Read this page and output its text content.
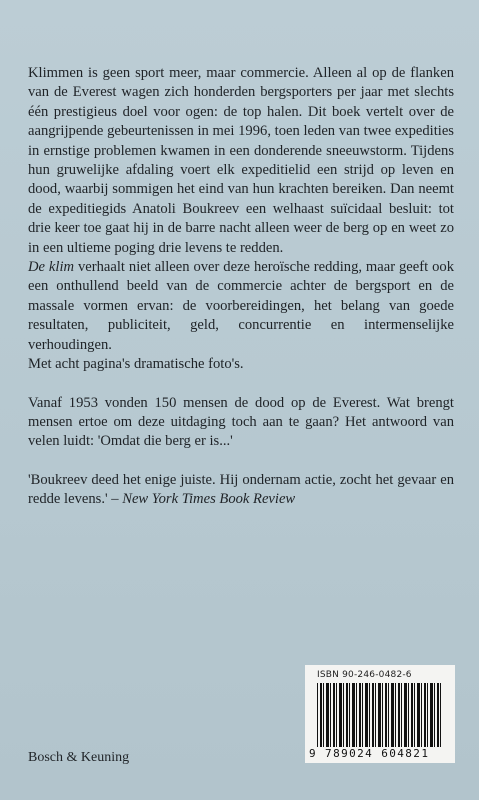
Klimmen is geen sport meer, maar commercie. Alleen al op de flanken van de Everest wagen zich honderden bergsporters per jaar met slechts één prestigieus doel voor ogen: de top halen. Dit boek vertelt over de aangrijpende gebeurtenissen in mei 1996, toen leden van twee expedities in ernstige problemen kwamen in een donderende sneeuwstorm. Tijdens hun gruwelijke afdaling voert elk expeditielid een strijd op leven en dood, waarbij sommigen het eind van hun krachten bereiken. Dan neemt de expeditiegids Anatoli Boukreev een welhaast suïcidaal besluit: tot drie keer toe gaat hij in de barre nacht alleen weer de berg op en weet zo in een ultieme poging drie levens te redden.

De klim verhaalt niet alleen over deze heroïsche redding, maar geeft ook een onthullend beeld van de commercie achter de bergsport en de massale vormen ervan: de voorbereidingen, het belang van goede resultaten, publiciteit, geld, concurrentie en intermenselijke verhoudingen.

Met acht pagina's dramatische foto's.

Vanaf 1953 vonden 150 mensen de dood op de Everest. Wat brengt mensen ertoe om deze uitdaging toch aan te gaan? Het antwoord van velen luidt: 'Omdat die berg er is...'

'Boukreev deed het enige juiste. Hij ondernam actie, zocht het gevaar en redde levens.' – New York Times Book Review

Bosch & Keuning
ISBN 90-246-0482-6
9 789024 604821
